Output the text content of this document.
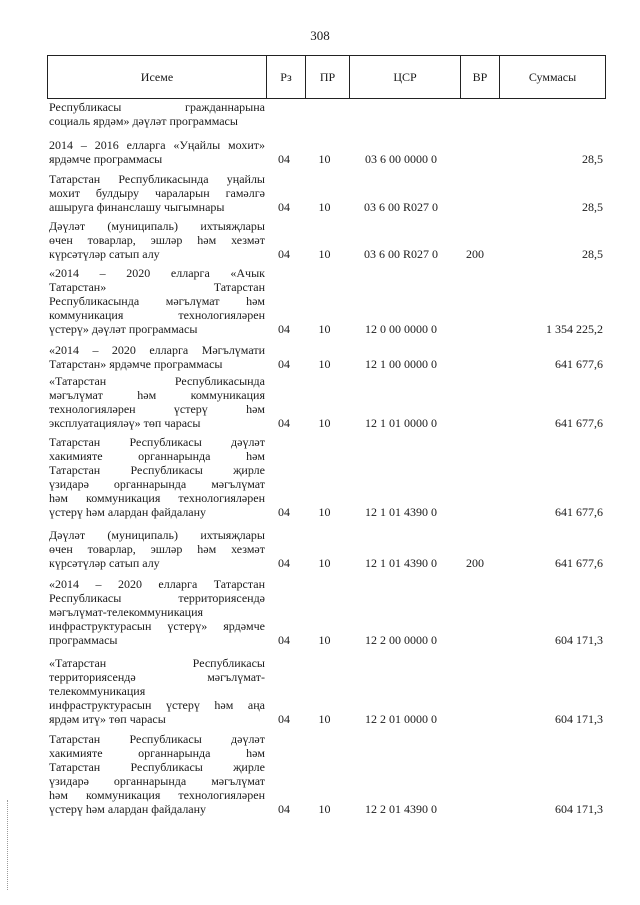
308
Исеме	Рз	ПР	ЦСР	ВР	Суммасы
Республикасы гражданнарына
социаль ярдәм» дәүләт программасы
2014 – 2016 елларга «Уңайлы мохит»
ярдәмче программасы	04	10	03 6 00 0000 0	28,5
Татарстан Республикасында уңайлы
мохит булдыру чараларын гамәлгә
ашыруга финанслашу чыгымнары	04	10	03 6 00 R027 0	28,5
Дәүләт (муниципаль) ихтыяҗлары
өчен товарлар, эшләр һәм хезмәт
күрсәтүләр сатып алу	04	10	03 6 00 R027 0	200	28,5
«2014 – 2020 елларга «Ачык
Татарстан» Татарстан
Республикасында мәгълүмат һәм
коммуникация технологияләрен
үстерү» дәүләт программасы	04	10	12 0 00 0000 0	1 354 225,2
«2014 – 2020 елларга Мәгълүмати
Татарстан» ярдәмче программасы	04	10	12 1 00 0000 0	641 677,6
«Татарстан Республикасында
мәгълүмат һәм коммуникация
технологияләрен үстерү һәм
эксплуатацияләү» төп чарасы	04	10	12 1 01 0000 0	641 677,6
Татарстан Республикасы дәүләт
хакимияте органнарында һәм
Татарстан Республикасы җирле
үзидарә органнарында мәгълүмат
һәм коммуникация технологияләрен
үстерү һәм алардан файдалану	04	10	12 1 01 4390 0	641 677,6
Дәүләт (муниципаль) ихтыяҗлары
өчен товарлар, эшләр һәм хезмәт
күрсәтүләр сатып алу	04	10	12 1 01 4390 0	200	641 677,6
«2014 – 2020 елларга Татарстан
Республикасы территориясендә
мәгълүмат-телекоммуникация
инфраструктурасын үстерү» ярдәмче
программасы	04	10	12 2 00 0000 0	604 171,3
«Татарстан Республикасы
территориясендә мәгълүмат-
телекоммуникация
инфраструктурасын үстерү һәм аңа
ярдәм итү» төп чарасы	04	10	12 2 01 0000 0	604 171,3
Татарстан Республикасы дәүләт
хакимияте органнарында һәм
Татарстан Республикасы җирле
үзидарә органнарында мәгълүмат
һәм коммуникация технологияләрен
үстерү һәм алардан файдалану	04	10	12 2 01 4390 0	604 171,3
